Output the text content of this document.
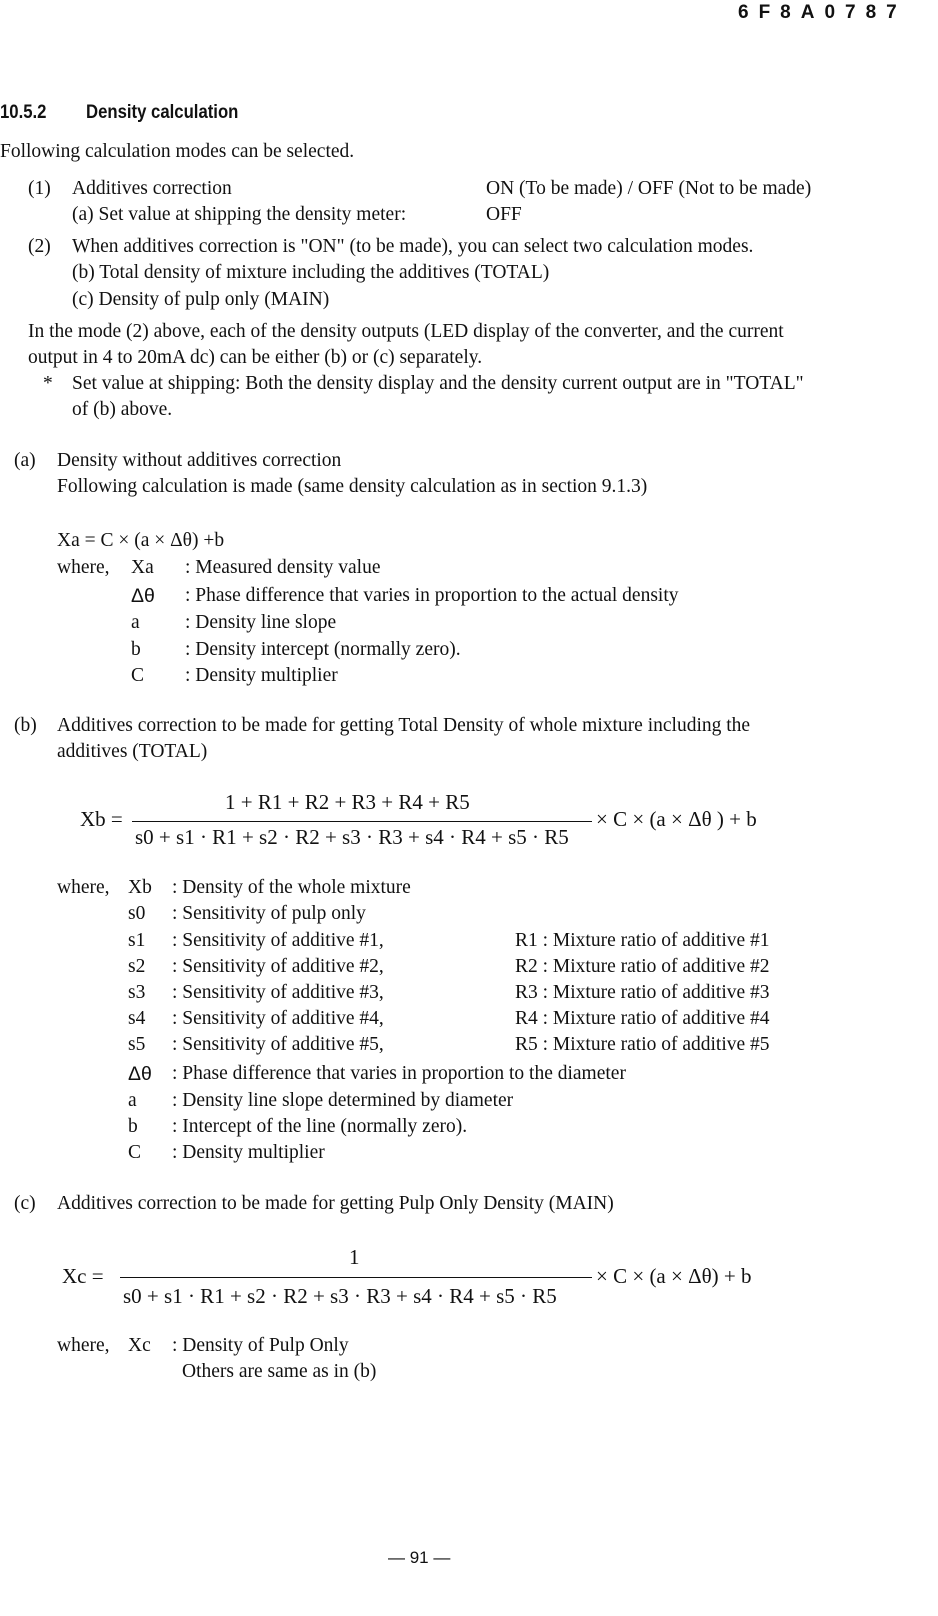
6F8A0787
10.5.2 Density calculation
Following calculation modes can be selected.
(1) Additives correction	ON (To be made) / OFF (Not to be made)
(a) Set value at shipping the density meter:	OFF
(2) When additives correction is "ON" (to be made), you can select two calculation modes.
(b) Total density of mixture including the additives (TOTAL)
(c) Density of pulp only (MAIN)
In the mode (2) above, each of the density outputs (LED display of the converter, and the current
output in 4 to 20mA dc) can be either (b) or (c) separately.
* Set value at shipping: Both the density display and the density current output are in "TOTAL"
of (b) above.
(a) Density without additives correction
Following calculation is made (same density calculation as in section 9.1.3)
Xa = C × (a × Δθ) +b
where, Xa : Measured density value
Δθ : Phase difference that varies in proportion to the actual density
a : Density line slope
b : Density intercept (normally zero).
C : Density multiplier
(b) Additives correction to be made for getting Total Density of whole mixture including the
additives (TOTAL)
Xb =
1 + R1 + R2 + R3 + R4 + R5
s0 + s1 · R1 + s2 · R2 + s3 · R3 + s4 · R4 + s5 · R5
× C × (a × Δθ ) + b
where, Xb : Density of the whole mixture
s0 : Sensitivity of pulp only
s1 : Sensitivity of additive #1,	R1 : Mixture ratio of additive #1
s2 : Sensitivity of additive #2,	R2 : Mixture ratio of additive #2
s3 : Sensitivity of additive #3,	R3 : Mixture ratio of additive #3
s4 : Sensitivity of additive #4,	R4 : Mixture ratio of additive #4
s5 : Sensitivity of additive #5,	R5 : Mixture ratio of additive #5
Δθ : Phase difference that varies in proportion to the diameter
a : Density line slope determined by diameter
b : Intercept of the line (normally zero).
C : Density multiplier
(c) Additives correction to be made for getting Pulp Only Density (MAIN)
Xc =
1
s0 + s1 · R1 + s2 · R2 + s3 · R3 + s4 · R4 + s5 · R5
× C × (a × Δθ) + b
where, Xc : Density of Pulp Only
Others are same as in (b)
— 91 —
